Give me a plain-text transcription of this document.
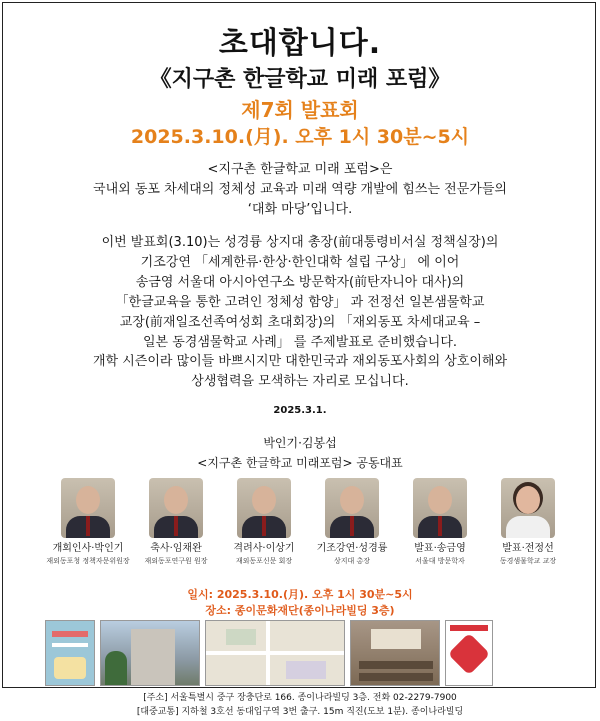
초대합니다.
《지구촌 한글학교 미래 포럼》
제7회 발표회
2025.3.10.(月). 오후 1시 30분~5시
<지구촌 한글학교 미래 포럼>은
국내외 동포 차세대의 정체성 교육과 미래 역량 개발에 힘쓰는 전문가들의
‘대화 마당’입니다.
이번 발표회(3.10)는 성경륭 상지대 총장(前대통령비서실 정책실장)의
기조강연 「세계한류·한상·한인대학 설립 구상」 에 이어
송금영 서울대 아시아연구소 방문학자(前탄자니아 대사)의
「한글교육을 통한 고려인 정체성 함양」 과 전정선 일본샘물학교
교장(前재일조선족여성회 초대회장)의 「재외동포 차세대교육 –
일본 동경샘물학교 사례」 를 주제발표로 준비했습니다.
개학 시즌이라 많이들 바쁘시지만 대한민국과 재외동포사회의 상호이해와
상생협력을 모색하는 자리로 모십니다.
2025.3.1.
박인기·김봉섭
<지구촌 한글학교 미래포럼> 공동대표
개회인사·박인기
재외동포청 정책자문위원장
축사·임채완
재외동포연구원 원장
격려사·이상기
재외동포신문 회장
기조강연·성경륭
상지대 총장
발표·송금영
서울대 방문학자
발표·전정선
동경샘물학교 교장
일시: 2025.3.10.(月). 오후 1시 30분~5시
장소: 종이문화재단(종이나라빌딩 3층)
[주소] 서울특별시 중구 장충단로 166. 종이나라빌딩 3층. 전화 02-2279-7900
[대중교통] 지하철 3호선 동대입구역 3번 출구. 15m 직진(도보 1분). 종이나라빌딩
